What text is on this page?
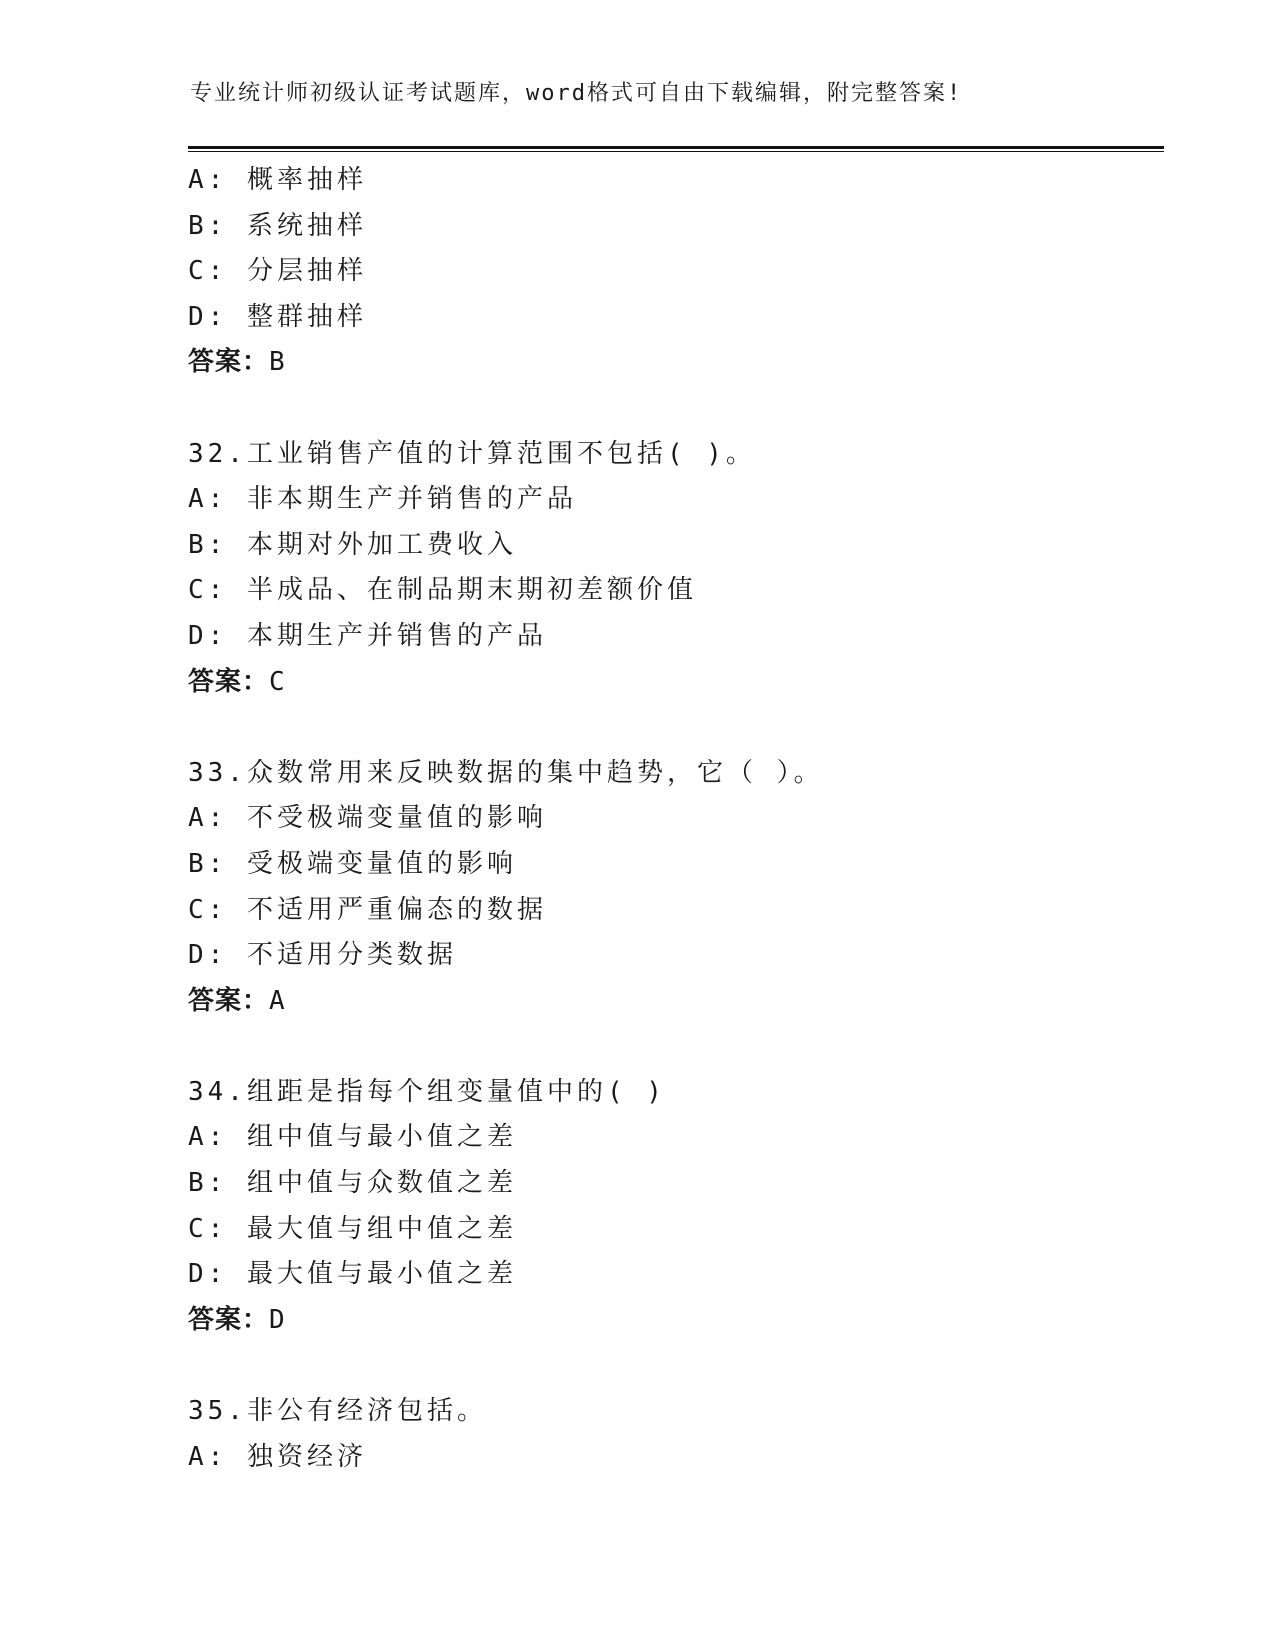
专业统计师初级认证考试题库，word格式可自由下载编辑，附完整答案!
A: 概率抽样
B: 系统抽样
C: 分层抽样
D: 整群抽样
答案：B
32.工业销售产值的计算范围不包括( )。
A: 非本期生产并销售的产品
B: 本期对外加工费收入
C: 半成品、在制品期末期初差额价值
D: 本期生产并销售的产品
答案：C
33.众数常用来反映数据的集中趋势，它（ ）。
A: 不受极端变量值的影响
B: 受极端变量值的影响
C: 不适用严重偏态的数据
D: 不适用分类数据
答案：A
34.组距是指每个组变量值中的( )
A: 组中值与最小值之差
B: 组中值与众数值之差
C: 最大值与组中值之差
D: 最大值与最小值之差
答案：D
35.非公有经济包括。
A: 独资经济
